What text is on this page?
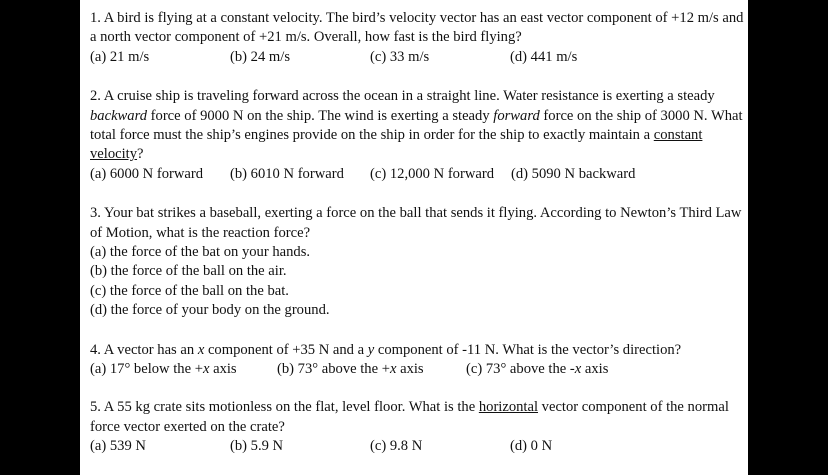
1. A bird is flying at a constant velocity. The bird’s velocity vector has an east vector component of +12 m/s and a north vector component of +21 m/s. Overall, how fast is the bird flying?

(a) 21 m/s	(b) 24 m/s	(c) 33 m/s	(d) 441 m/s

2. A cruise ship is traveling forward across the ocean in a straight line. Water resistance is exerting a steady backward force of 9000 N on the ship. The wind is exerting a steady forward force on the ship of 3000 N. What total force must the ship’s engines provide on the ship in order for the ship to exactly maintain a constant velocity?

(a) 6000 N forward (b) 6010 N forward (c) 12,000 N forward (d) 5090 N backward

3. Your bat strikes a baseball, exerting a force on the ball that sends it flying. According to Newton’s Third Law of Motion, what is the reaction force?

(a) the force of the bat on your hands.

(b) the force of the ball on the air.

(c) the force of the ball on the bat.

(d) the force of your body on the ground.

4. A vector has an x component of +35 N and a y component of -11 N. What is the vector’s direction?

(a) 17° below the +x axis	(b) 73° above the +x axis	(c) 73° above the -x axis

5. A 55 kg crate sits motionless on the flat, level floor. What is the horizontal vector component of the normal force vector exerted on the crate?

(a) 539 N	(b) 5.9 N	(c) 9.8 N	(d) 0 N
